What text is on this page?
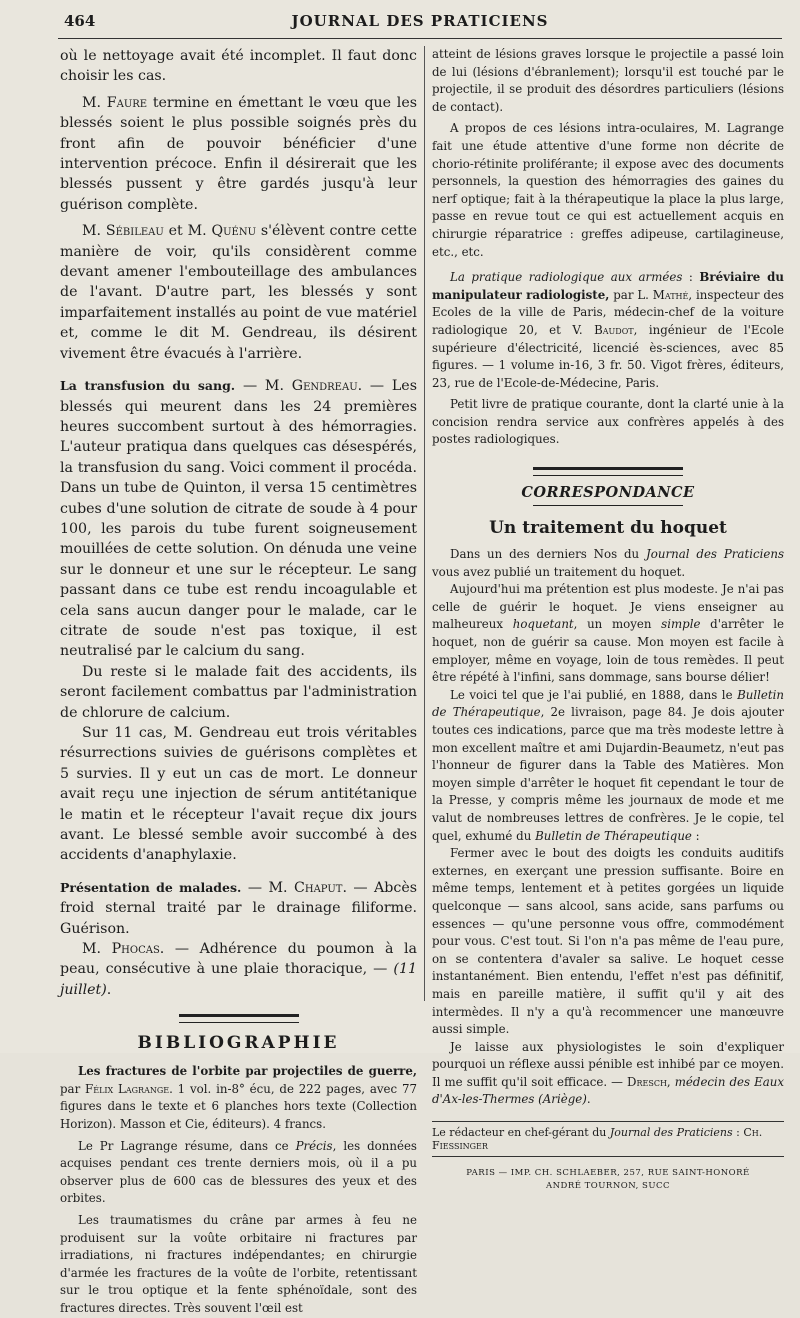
464	JOURNAL DES PRATICIENS

où le nettoyage avait été incomplet. Il faut donc choisir les cas.

M. Faure termine en émettant le vœu que les blessés soient le plus possible soignés près du front afin de pouvoir bénéficier d'une intervention précoce. Enfin il désirerait que les blessés pussent y être gardés jusqu'à leur guérison complète.

M. Sébileau et M. Quénu s'élèvent contre cette manière de voir, qu'ils considèrent comme devant amener l'embouteillage des ambulances de l'avant. D'autre part, les blessés y sont imparfaitement installés au point de vue matériel et, comme le dit M. Gendreau, ils désirent vivement être évacués à l'arrière.

La transfusion du sang. — M. Gendreau. — Les blessés qui meurent dans les 24 premières heures succombent surtout à des hémorragies. L'auteur pratiqua dans quelques cas désespérés, la transfusion du sang. Voici comment il procéda. Dans un tube de Quinton, il versa 15 centimètres cubes d'une solution de citrate de soude à 4 pour 100, les parois du tube furent soigneusement mouillées de cette solution. On dénuda une veine sur le donneur et une sur le récepteur. Le sang passant dans ce tube est rendu incoagulable et cela sans aucun danger pour le malade, car le citrate de soude n'est pas toxique, il est neutralisé par le calcium du sang.

Du reste si le malade fait des accidents, ils seront facilement combattus par l'administration de chlorure de calcium.

Sur 11 cas, M. Gendreau eut trois véritables résurrections suivies de guérisons complètes et 5 survies. Il y eut un cas de mort. Le donneur avait reçu une injection de sérum antitétanique le matin et le récepteur l'avait reçue dix jours avant. Le blessé semble avoir succombé à des accidents d'anaphylaxie.

Présentation de malades. — M. Chaput. — Abcès froid sternal traité par le drainage filiforme. Guérison.

M. Phocas. — Adhérence du poumon à la peau, consécutive à une plaie thoracique, — (11 juillet).

BIBLIOGRAPHIE

Les fractures de l'orbite par projectiles de guerre, par Félix Lagrange. 1 vol. in-8° écu, de 222 pages, avec 77 figures dans le texte et 6 planches hors texte (Collection Horizon). Masson et Cie, éditeurs). 4 francs.

Le Pr Lagrange résume, dans ce Précis, les données acquises pendant ces trente derniers mois, où il a pu observer plus de 600 cas de blessures des yeux et des orbites.

Les traumatismes du crâne par armes à feu ne produisent sur la voûte orbitaire ni fractures par irradiations, ni fractures indépendantes; en chirurgie d'armée les fractures de la voûte de l'orbite, retentissant sur le trou optique et la fente sphénoïdale, sont des fractures directes. Très souvent l'œil est

atteint de lésions graves lorsque le projectile a passé loin de lui (lésions d'ébranlement); lorsqu'il est touché par le projectile, il se produit des désordres particuliers (lésions de contact).

A propos de ces lésions intra-oculaires, M. Lagrange fait une étude attentive d'une forme non décrite de chorio-rétinite proliférante; il expose avec des documents personnels, la question des hémorragies des gaines du nerf optique; fait à la thérapeutique la place la plus large, passe en revue tout ce qui est actuellement acquis en chirurgie réparatrice : greffes adipeuse, cartilagineuse, etc., etc.

La pratique radiologique aux armées : Bréviaire du manipulateur radiologiste, par L. Mathé, inspecteur des Ecoles de la ville de Paris, médecin-chef de la voiture radiologique 20, et V. Baudot, ingénieur de l'Ecole supérieure d'électricité, licencié ès-sciences, avec 85 figures. — 1 volume in-16, 3 fr. 50. Vigot frères, éditeurs, 23, rue de l'Ecole-de-Médecine, Paris.

Petit livre de pratique courante, dont la clarté unie à la concision rendra service aux confrères appelés à des postes radiologiques.

CORRESPONDANCE
Un traitement du hoquet

Dans un des derniers Nos du Journal des Praticiens vous avez publié un traitement du hoquet.

Aujourd'hui ma prétention est plus modeste. Je n'ai pas celle de guérir le hoquet. Je viens enseigner au malheureux hoquetant, un moyen simple d'arrêter le hoquet, non de guérir sa cause. Mon moyen est facile à employer, même en voyage, loin de tous remèdes. Il peut être répété à l'infini, sans dommage, sans bourse délier!

Le voici tel que je l'ai publié, en 1888, dans le Bulletin de Thérapeutique, 2e livraison, page 84. Je dois ajouter toutes ces indications, parce que ma très modeste lettre à mon excellent maître et ami Dujardin-Beaumetz, n'eut pas l'honneur de figurer dans la Table des Matières. Mon moyen simple d'arrêter le hoquet fit cependant le tour de la Presse, y compris même les journaux de mode et me valut de nombreuses lettres de confrères. Je le copie, tel quel, exhumé du Bulletin de Thérapeutique :

Fermer avec le bout des doigts les conduits auditifs externes, en exerçant une pression suffisante. Boire en même temps, lentement et à petites gorgées un liquide quelconque — sans alcool, sans acide, sans parfums ou essences — qu'une personne vous offre, commodément pour vous. C'est tout. Si l'on n'a pas même de l'eau pure, on se contentera d'avaler sa salive. Le hoquet cesse instantanément. Bien entendu, l'effet n'est pas définitif, mais en pareille matière, il suffit qu'il y ait des intermèdes. Il n'y a qu'à recommencer une manœuvre aussi simple.

Je laisse aux physiologistes le soin d'expliquer pourquoi un réflexe aussi pénible est inhibé par ce moyen. Il me suffit qu'il soit efficace. — Dresch, médecin des Eaux d'Ax-les-Thermes (Ariège).

Le rédacteur en chef-gérant du Journal des Praticiens : Ch. Fiessinger
PARIS — IMP. CH. SCHLAEBER, 257, RUE SAINT-HONORÉ
ANDRÉ TOURNON, SUCC
